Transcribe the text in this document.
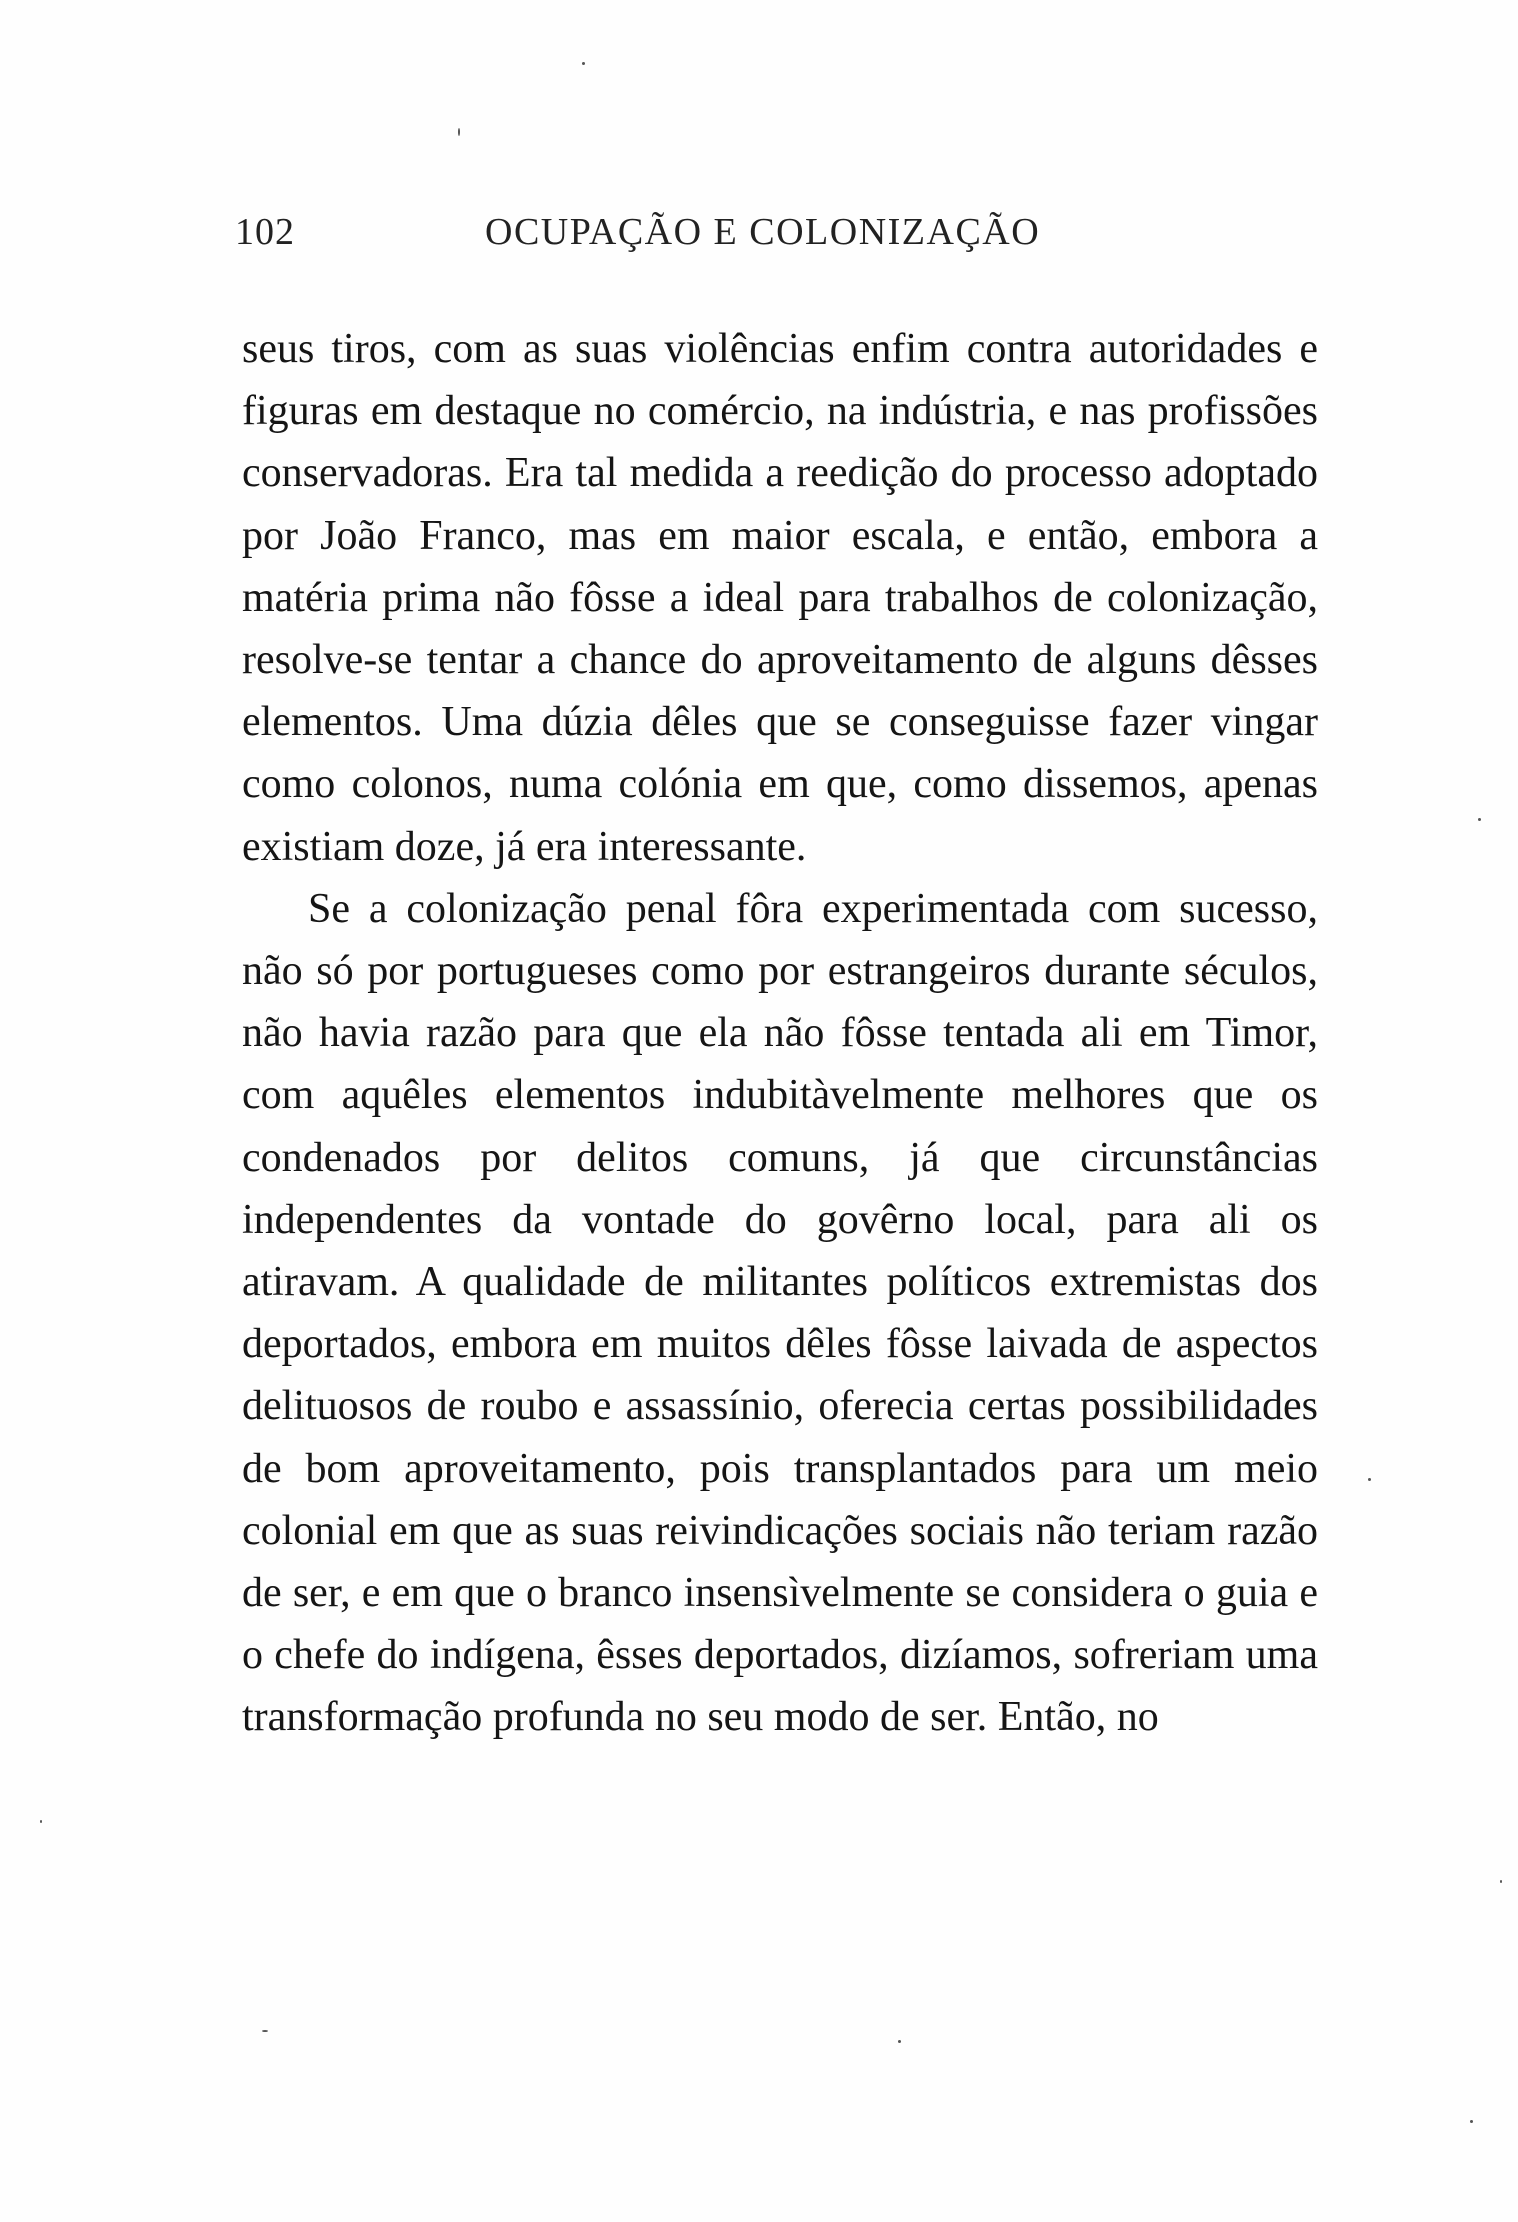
102	OCUPAÇÃO E COLONIZAÇÃO

seus tiros, com as suas violências enfim contra autoridades e figuras em destaque no comércio, na indústria, e nas profissões conservadoras. Era tal medida a reedição do processo adoptado por João Franco, mas em maior escala, e então, embora a matéria prima não fôsse a ideal para trabalhos de colonização, resolve-se tentar a chance do aproveitamento de alguns dêsses elementos. Uma dúzia dêles que se conseguisse fazer vingar como colonos, numa colónia em que, como dissemos, apenas existiam doze, já era interessante.

Se a colonização penal fôra experimentada com sucesso, não só por portugueses como por estrangeiros durante séculos, não havia razão para que ela não fôsse tentada ali em Timor, com aquêles elementos indubitàvelmente melhores que os condenados por delitos comuns, já que circunstâncias independentes da vontade do govêrno local, para ali os atiravam. A qualidade de militantes políticos extremistas dos deportados, embora em muitos dêles fôsse laivada de aspectos delituosos de roubo e assassínio, oferecia certas possibilidades de bom aproveitamento, pois transplantados para um meio colonial em que as suas reivindicações sociais não teriam razão de ser, e em que o branco insensìvelmente se considera o guia e o chefe do indígena, êsses deportados, dizíamos, sofreriam uma transformação profunda no seu modo de ser. Então, no
